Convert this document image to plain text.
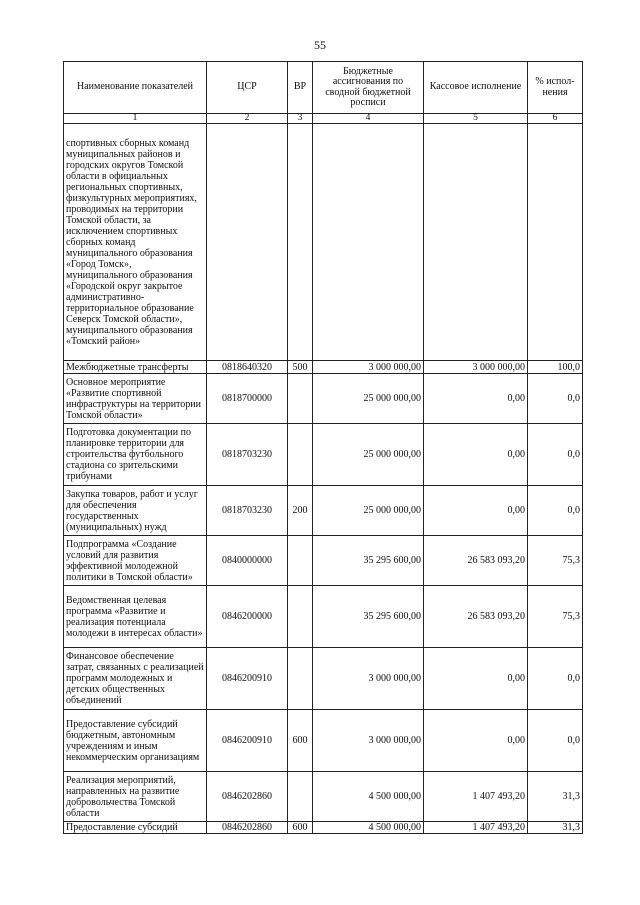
55
Наименование показателей	ЦСР	ВР	Бюджетные ассигнования по сводной бюджетной росписи	Кассовое исполнение	% испол-нения
1	2	3	4	5	6
спортивных сборных команд муниципальных районов и городских округов Томской области в официальных региональных спортивных, физкультурных мероприятиях, проводимых на территории Томской области, за исключением спортивных сборных команд муниципального образования «Город Томск», муниципального образования «Городской округ закрытое административно-территориальное образование Северск Томской области», муниципального образования «Томский район»					
Межбюджетные трансферты	0818640320	500	3 000 000,00	3 000 000,00	100,0
Основное мероприятие «Развитие спортивной инфраструктуры на территории Томской области»	0818700000		25 000 000,00	0,00	0,0
Подготовка документации по планировке территории для строительства футбольного стадиона со зрительскими трибунами	0818703230		25 000 000,00	0,00	0,0
Закупка товаров, работ и услуг для обеспечения государственных (муниципальных) нужд	0818703230	200	25 000 000,00	0,00	0,0
Подпрограмма «Создание условий для развития эффективной молодежной политики в Томской области»	0840000000		35 295 600,00	26 583 093,20	75,3
Ведомственная целевая программа «Развитие и реализация потенциала молодежи в интересах области»	0846200000		35 295 600,00	26 583 093,20	75,3
Финансовое обеспечение затрат, связанных с реализацией программ молодежных и детских общественных объединений	0846200910		3 000 000,00	0,00	0,0
Предоставление субсидий бюджетным, автономным учреждениям и иным некоммерческим организациям	0846200910	600	3 000 000,00	0,00	0,0
Реализация мероприятий, направленных на развитие добровольчества Томской области	0846202860		4 500 000,00	1 407 493,20	31,3
Предоставление субсидий	0846202860	600	4 500 000,00	1 407 493,20	31,3
